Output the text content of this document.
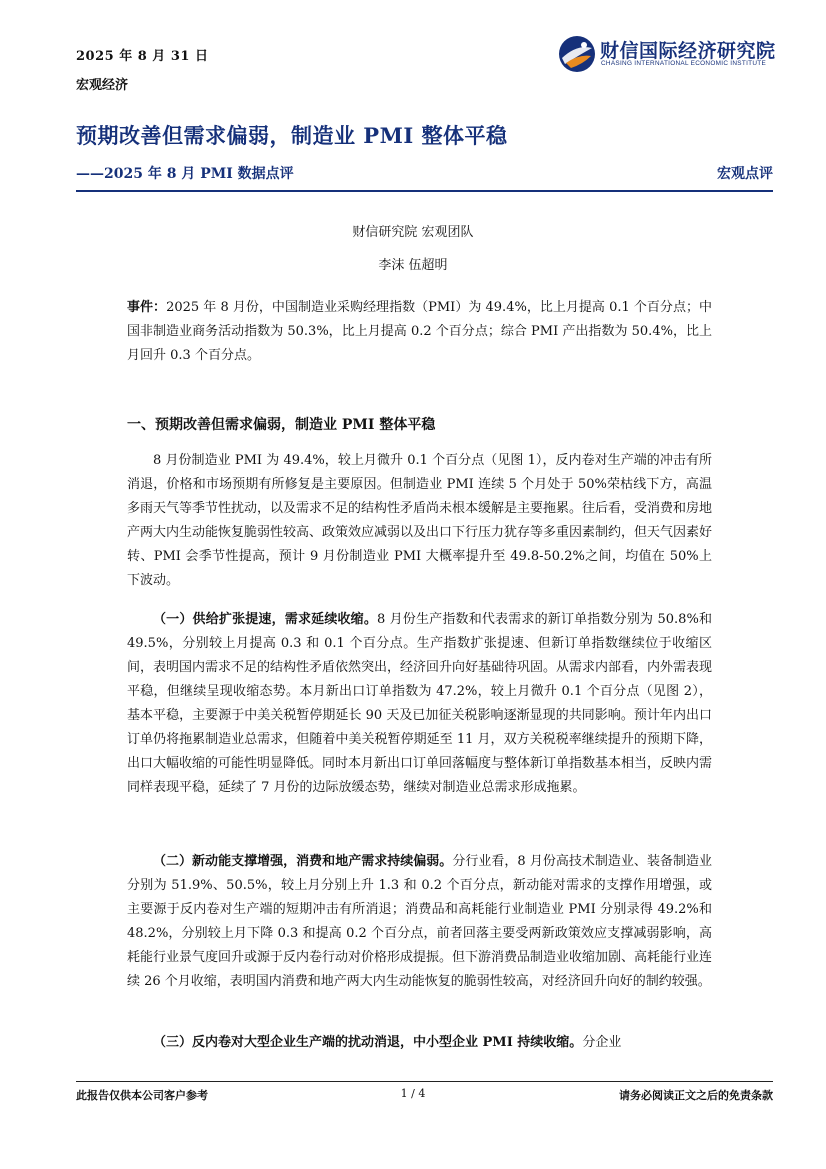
2025 年 8 月 31 日
宏观经济
财信国际经济研究院
CHASING INTERNATIONAL ECONOMIC INSTITUTE
预期改善但需求偏弱，制造业 PMI 整体平稳
——2025 年 8 月 PMI 数据点评	宏观点评
财信研究院 宏观团队
李沫 伍超明

事件：2025 年 8 月份，中国制造业采购经理指数（PMI）为 49.4%，比上月提高 0.1 个百分点；中国非制造业商务活动指数为 50.3%，比上月提高 0.2 个百分点；综合 PMI 产出指数为 50.4%，比上月回升 0.3 个百分点。

一、预期改善但需求偏弱，制造业 PMI 整体平稳

8 月份制造业 PMI 为 49.4%，较上月微升 0.1 个百分点（见图 1），反内卷对生产端的冲击有所消退，价格和市场预期有所修复是主要原因。但制造业 PMI 连续 5 个月处于 50%荣枯线下方，高温多雨天气等季节性扰动，以及需求不足的结构性矛盾尚未根本缓解是主要拖累。往后看，受消费和房地产两大内生动能恢复脆弱性较高、政策效应减弱以及出口下行压力犹存等多重因素制约，但天气因素好转、PMI 会季节性提高，预计 9 月份制造业 PMI 大概率提升至 49.8-50.2%之间，均值在 50%上下波动。

（一）供给扩张提速，需求延续收缩。8 月份生产指数和代表需求的新订单指数分别为 50.8%和 49.5%，分别较上月提高 0.3 和 0.1 个百分点。生产指数扩张提速、但新订单指数继续位于收缩区间，表明国内需求不足的结构性矛盾依然突出，经济回升向好基础待巩固。从需求内部看，内外需表现平稳，但继续呈现收缩态势。本月新出口订单指数为 47.2%，较上月微升 0.1 个百分点（见图 2），基本平稳，主要源于中美关税暂停期延长 90 天及已加征关税影响逐渐显现的共同影响。预计年内出口订单仍将拖累制造业总需求，但随着中美关税暂停期延至 11 月，双方关税税率继续提升的预期下降，出口大幅收缩的可能性明显降低。同时本月新出口订单回落幅度与整体新订单指数基本相当，反映内需同样表现平稳，延续了 7 月份的边际放缓态势，继续对制造业总需求形成拖累。

（二）新动能支撑增强，消费和地产需求持续偏弱。分行业看，8 月份高技术制造业、装备制造业分别为 51.9%、50.5%，较上月分别上升 1.3 和 0.2 个百分点，新动能对需求的支撑作用增强，或主要源于反内卷对生产端的短期冲击有所消退；消费品和高耗能行业制造业 PMI 分别录得 49.2%和 48.2%，分别较上月下降 0.3 和提高 0.2 个百分点，前者回落主要受两新政策效应支撑减弱影响，高耗能行业景气度回升或源于反内卷行动对价格形成提振。但下游消费品制造业收缩加剧、高耗能行业连续 26 个月收缩，表明国内消费和地产两大内生动能恢复的脆弱性较高，对经济回升向好的制约较强。

（三）反内卷对大型企业生产端的扰动消退，中小型企业 PMI 持续收缩。分企业

此报告仅供本公司客户参考	1 / 4	请务必阅读正文之后的免责条款
